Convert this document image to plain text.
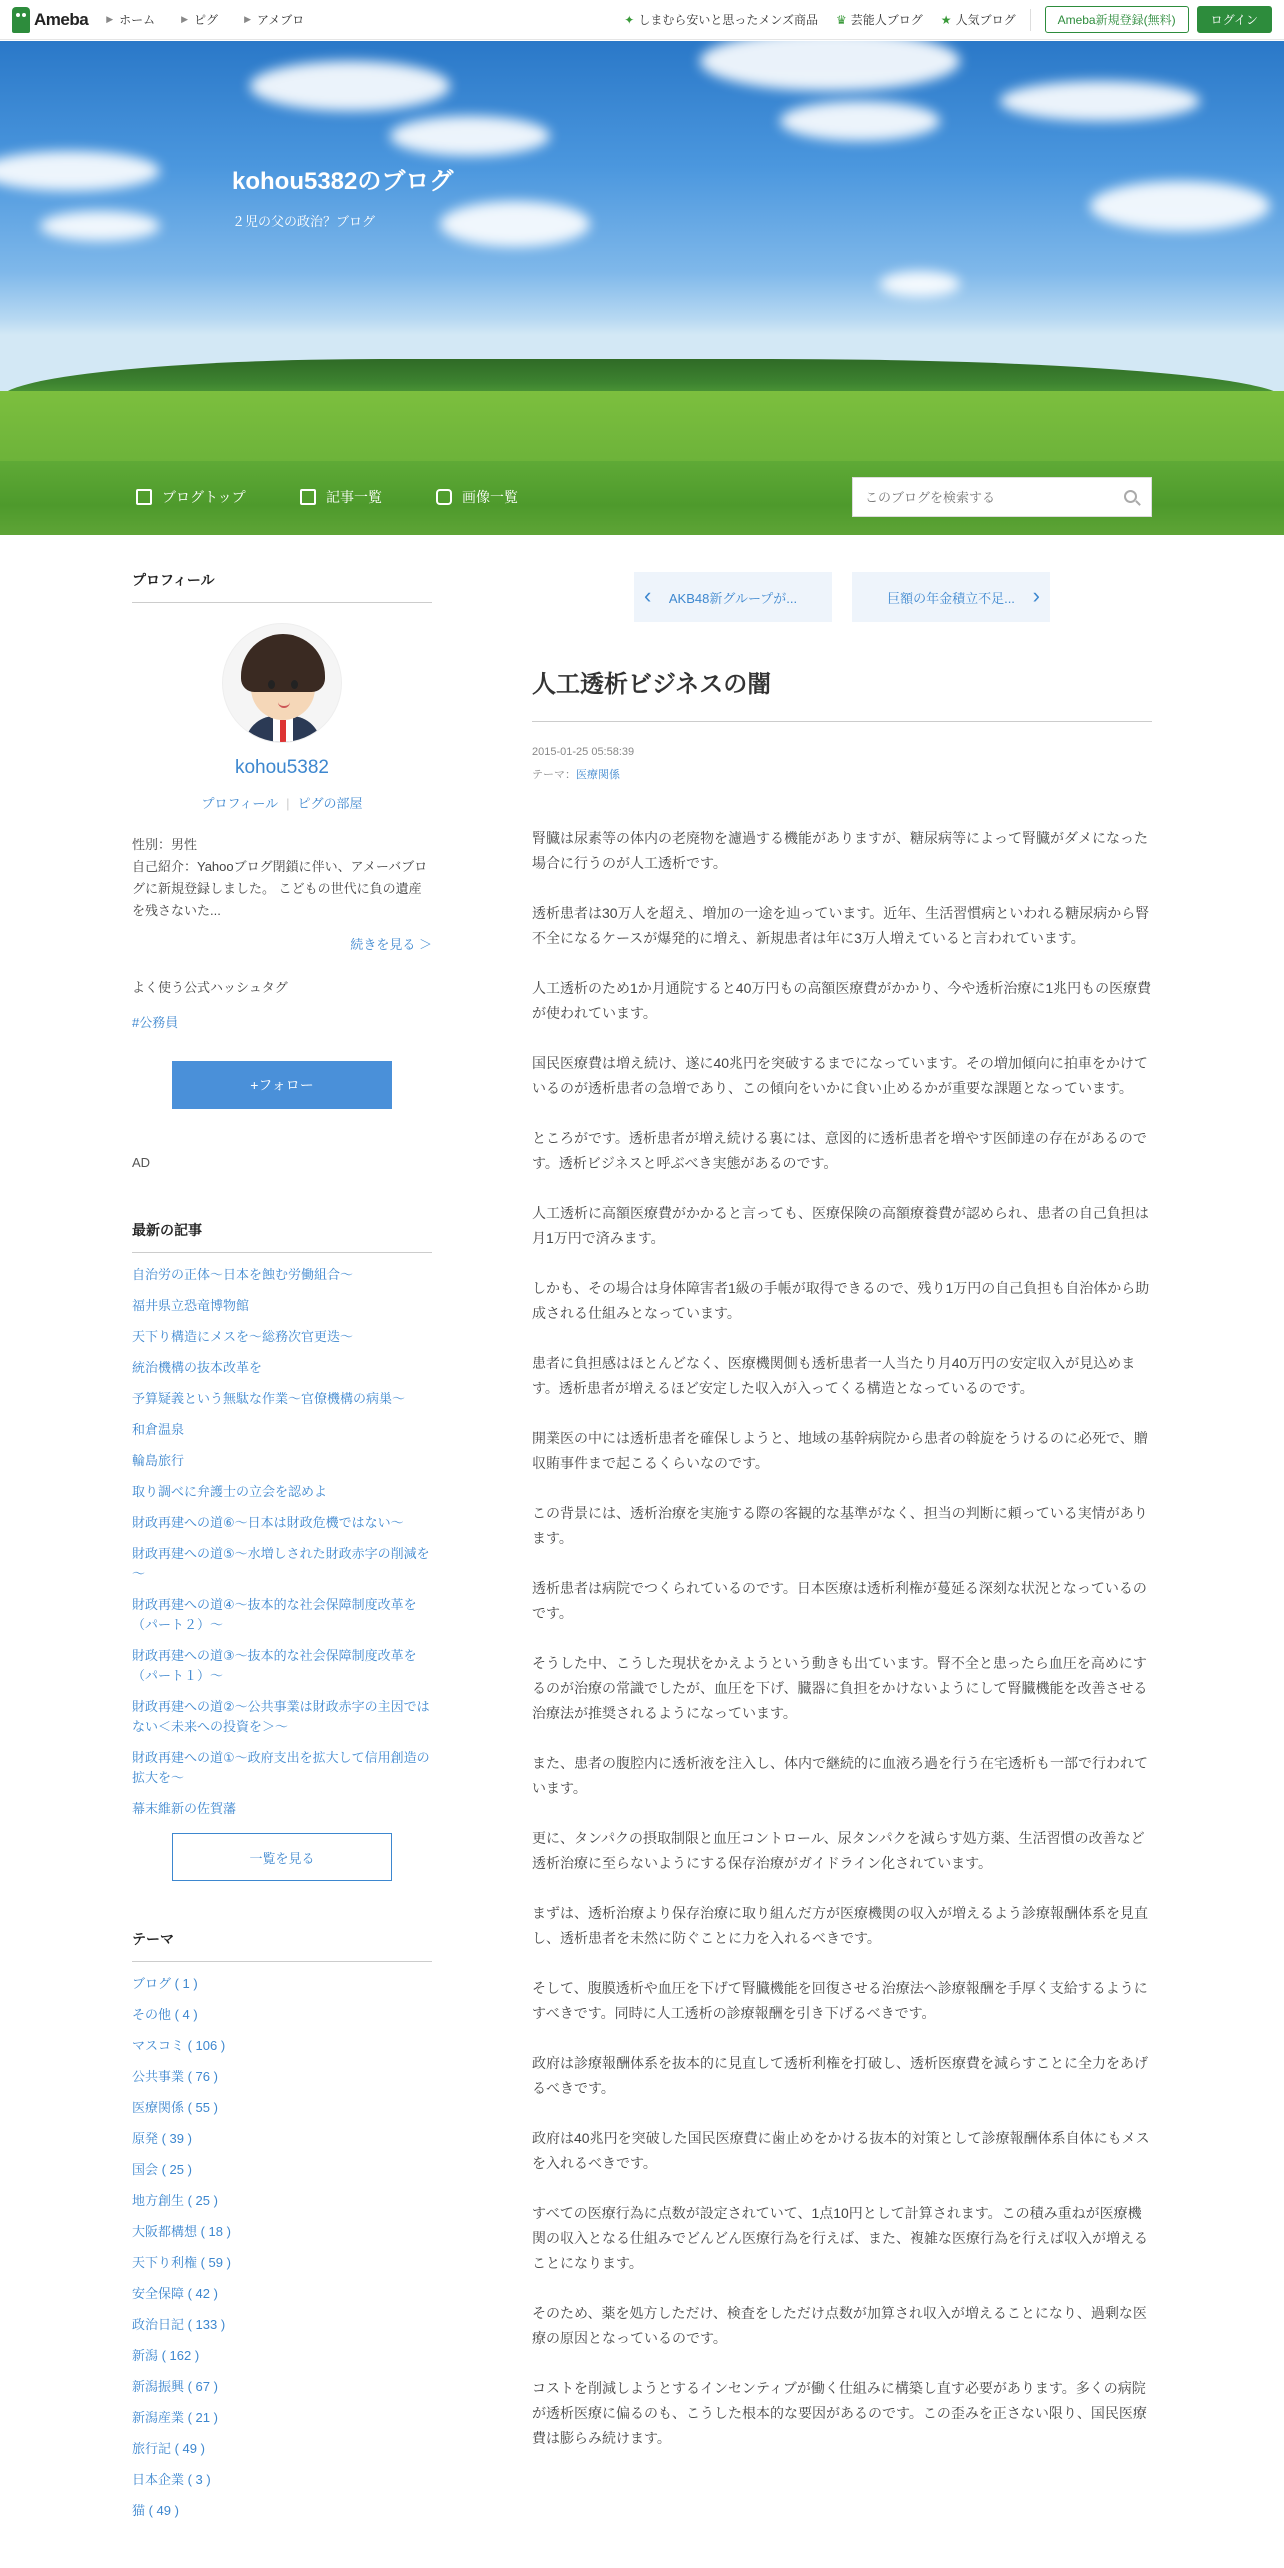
Ameba ▶ ホーム	▶ ピグ	▶ アメブロ	✦ しまむら安いと思ったメンズ商品 ♛ 芸能人ブログ ★ 人気ブログ	Ameba新規登録(無料)	ログイン
kohou5382のブログ
２児の父の政治？ブログ
ブログトップ	記事一覧	画像一覧
このブログを検索する
プロフィール
kohou5382
プロフィール | ピグの部屋
性別：男性
自己紹介：Yahooブログ閉鎖に伴い、アメーバブログに新規登録しました。 こどもの世代に負の遺産を残さないた...
続きを見る ＞
よく使う公式ハッシュタグ
#公務員
+フォロー
AD
最新の記事
自治労の正体～日本を蝕む労働組合～
福井県立恐竜博物館
天下り構造にメスを～総務次官更迭～
統治機構の抜本改革を
予算疑義という無駄な作業～官僚機構の病巣～
和倉温泉
輪島旅行
取り調べに弁護士の立会を認めよ
財政再建への道⑥～日本は財政危機ではない～
財政再建への道⑤～水増しされた財政赤字の削減を～
財政再建への道④～抜本的な社会保障制度改革を（パート２）～
財政再建への道③～抜本的な社会保障制度改革を（パート１）～
財政再建への道②～公共事業は財政赤字の主因ではない＜未来への投資を＞～
財政再建への道①～政府支出を拡大して信用創造の拡大を～
幕末維新の佐賀藩
一覧を見る
テーマ
ブログ ( 1 )
その他 ( 4 )
マスコミ ( 106 )
公共事業 ( 76 )
医療関係 ( 55 )
原発 ( 39 )
国会 ( 25 )
地方創生 ( 25 )
大阪都構想 ( 18 )
天下り利権 ( 59 )
安全保障 ( 42 )
政治日記 ( 133 )
新潟 ( 162 )
新潟振興 ( 67 )
新潟産業 ( 21 )
旅行記 ( 49 )
日本企業 ( 3 )
猫 ( 49 )
‹ AKB48新グループが...	巨額の年金積立不足... ›
人工透析ビジネスの闇
2015-01-25 05:58:39
テーマ：医療関係

腎臓は尿素等の体内の老廃物を濾過する機能がありますが、糖尿病等によって腎臓がダメになった場合に行うのが人工透析です。

透析患者は30万人を超え、増加の一途を辿っています。近年、生活習慣病といわれる糖尿病から腎不全になるケースが爆発的に増え、新規患者は年に3万人増えていると言われています。

人工透析のため1か月通院すると40万円もの高額医療費がかかり、今や透析治療に1兆円もの医療費が使われています。

国民医療費は増え続け、遂に40兆円を突破するまでになっています。その増加傾向に拍車をかけているのが透析患者の急増であり、この傾向をいかに食い止めるかが重要な課題となっています。

ところがです。透析患者が増え続ける裏には、意図的に透析患者を増やす医師達の存在があるのです。透析ビジネスと呼ぶべき実態があるのです。

人工透析に高額医療費がかかると言っても、医療保険の高額療養費が認められ、患者の自己負担は月1万円で済みます。

しかも、その場合は身体障害者1級の手帳が取得できるので、残り1万円の自己負担も自治体から助成される仕組みとなっています。

患者に負担感はほとんどなく、医療機関側も透析患者一人当たり月40万円の安定収入が見込めます。透析患者が増えるほど安定した収入が入ってくる構造となっているのです。

開業医の中には透析患者を確保しようと、地域の基幹病院から患者の斡旋をうけるのに必死で、贈収賄事件まで起こるくらいなのです。

この背景には、透析治療を実施する際の客観的な基準がなく、担当の判断に頼っている実情があります。

透析患者は病院でつくられているのです。日本医療は透析利権が蔓延る深刻な状況となっているのです。

そうした中、こうした現状をかえようという動きも出ています。腎不全と患ったら血圧を高めにするのが治療の常識でしたが、血圧を下げ、臓器に負担をかけないようにして腎臓機能を改善させる治療法が推奨されるようになっています。

また、患者の腹腔内に透析液を注入し、体内で継続的に血液ろ過を行う在宅透析も一部で行われています。

更に、タンパクの摂取制限と血圧コントロール、尿タンパクを減らす処方薬、生活習慣の改善など透析治療に至らないようにする保存治療がガイドライン化されています。

まずは、透析治療より保存治療に取り組んだ方が医療機関の収入が増えるよう診療報酬体系を見直し、透析患者を未然に防ぐことに力を入れるべきです。

そして、腹膜透析や血圧を下げて腎臓機能を回復させる治療法へ診療報酬を手厚く支給するようにすべきです。同時に人工透析の診療報酬を引き下げるべきです。

政府は診療報酬体系を抜本的に見直して透析利権を打破し、透析医療費を減らすことに全力をあげるべきです。

政府は40兆円を突破した国民医療費に歯止めをかける抜本的対策として診療報酬体系自体にもメスを入れるべきです。

すべての医療行為に点数が設定されていて、1点10円として計算されます。この積み重ねが医療機関の収入となる仕組みでどんどん医療行為を行えば、また、複雑な医療行為を行えば収入が増えることになります。

そのため、薬を処方しただけ、検査をしただけ点数が加算され収入が増えることになり、過剰な医療の原因となっているのです。

コストを削減しようとするインセンティブが働く仕組みに構築し直す必要があります。多くの病院が透析医療に偏るのも、こうした根本的な要因があるのです。この歪みを正さない限り、国民医療費は膨らみ続けます。
